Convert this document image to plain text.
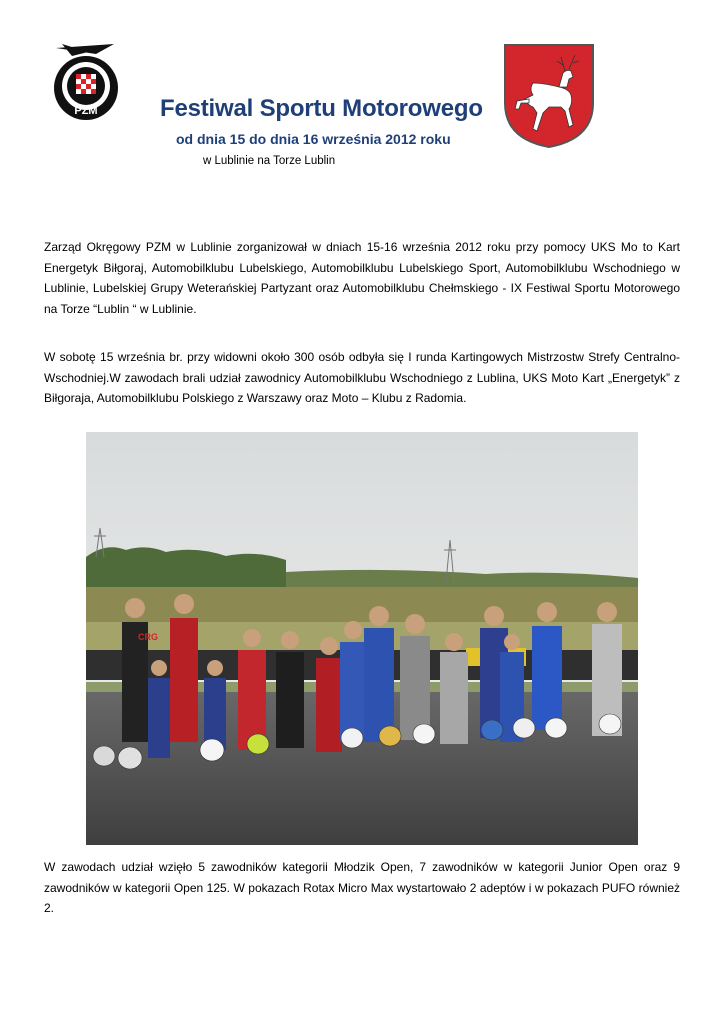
PZM	Festiwal Sportu Motorowego
od dnia 15 do dnia 16 września 2012 roku
w Lublinie na Torze Lublin

Zarząd Okręgowy PZM w Lublinie zorganizował w dniach 15-16 września 2012 roku przy pomocy UKS Mo to Kart Energetyk Biłgoraj, Automobilklubu Lubelskiego, Automobilklubu Lubelskiego Sport, Automobilklubu Wschodniego w Lublinie, Lubelskiej Grupy Weterańskiej Partyzant oraz Automobilklubu Chełmskiego - IX Festiwal Sportu Motorowego na Torze “Lublin “ w Lublinie.

W sobotę 15 września br. przy widowni około 300 osób odbyła się I runda Kartingowych Mistrzostw Strefy Centralno-Wschodniej.W zawodach brali udział zawodnicy Automobilklubu Wschodniego z Lublina, UKS Moto Kart „Energetyk” z Biłgoraja, Automobilklubu Polskiego z Warszawy oraz Moto – Klubu z Radomia.

CRG

W zawodach udział wzięło 5 zawodników kategorii Młodzik Open, 7 zawodników w kategorii Junior Open oraz 9 zawodników w kategorii Open 125. W pokazach Rotax Micro Max wystartowało 2 adeptów i w pokazach PUFO również 2.
